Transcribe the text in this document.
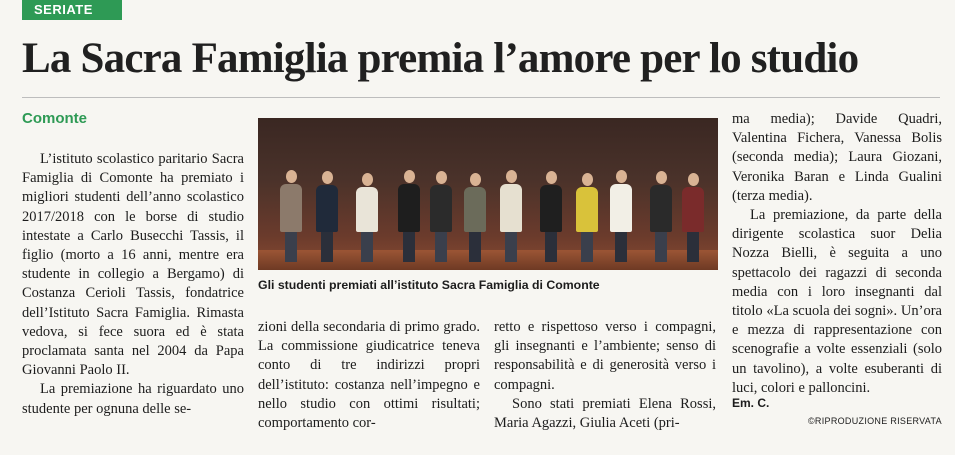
SERIATE
La Sacra Famiglia premia l’amore per lo studio
Comonte

L’istituto scolastico paritario Sacra Famiglia di Comonte ha premiato i migliori studenti dell’anno scolastico 2017/2018 con le borse di studio intestate a Carlo Busecchi Tassis, il figlio (morto a 16 anni, mentre era studente in collegio a Bergamo) di Costanza Cerioli Tassis, fondatrice dell’Istituto Sacra Famiglia. Rimasta vedova, si fece suora ed è stata proclamata santa nel 2004 da Papa Giovanni Paolo II.

La premiazione ha riguardato uno studente per ognuna delle se-

Gli studenti premiati all’istituto Sacra Famiglia di Comonte

zioni della secondaria di primo grado. La commissione giudicatrice teneva conto di tre indirizzi propri dell’istituto: costanza nell’impegno e nello studio con ottimi risultati; comportamento cor-

retto e rispettoso verso i compagni, gli insegnanti e l’ambiente; senso di responsabilità e di generosità verso i compagni.

Sono stati premiati Elena Rossi, Maria Agazzi, Giulia Aceti (pri-

ma media); Davide Quadri, Valentina Fichera, Vanessa Bolis (seconda media); Laura Giozani, Veronika Baran e Linda Gualini (terza media).

La premiazione, da parte della dirigente scolastica suor Delia Nozza Bielli, è seguita a uno spettacolo dei ragazzi di seconda media con i loro insegnanti dal titolo «La scuola dei sogni». Un’ora e mezza di rappresentazione con scenografie a volte essenziali (solo un tavolino), a volte esuberanti di luci, colori e palloncini.

Em. C.
©RIPRODUZIONE RISERVATA
